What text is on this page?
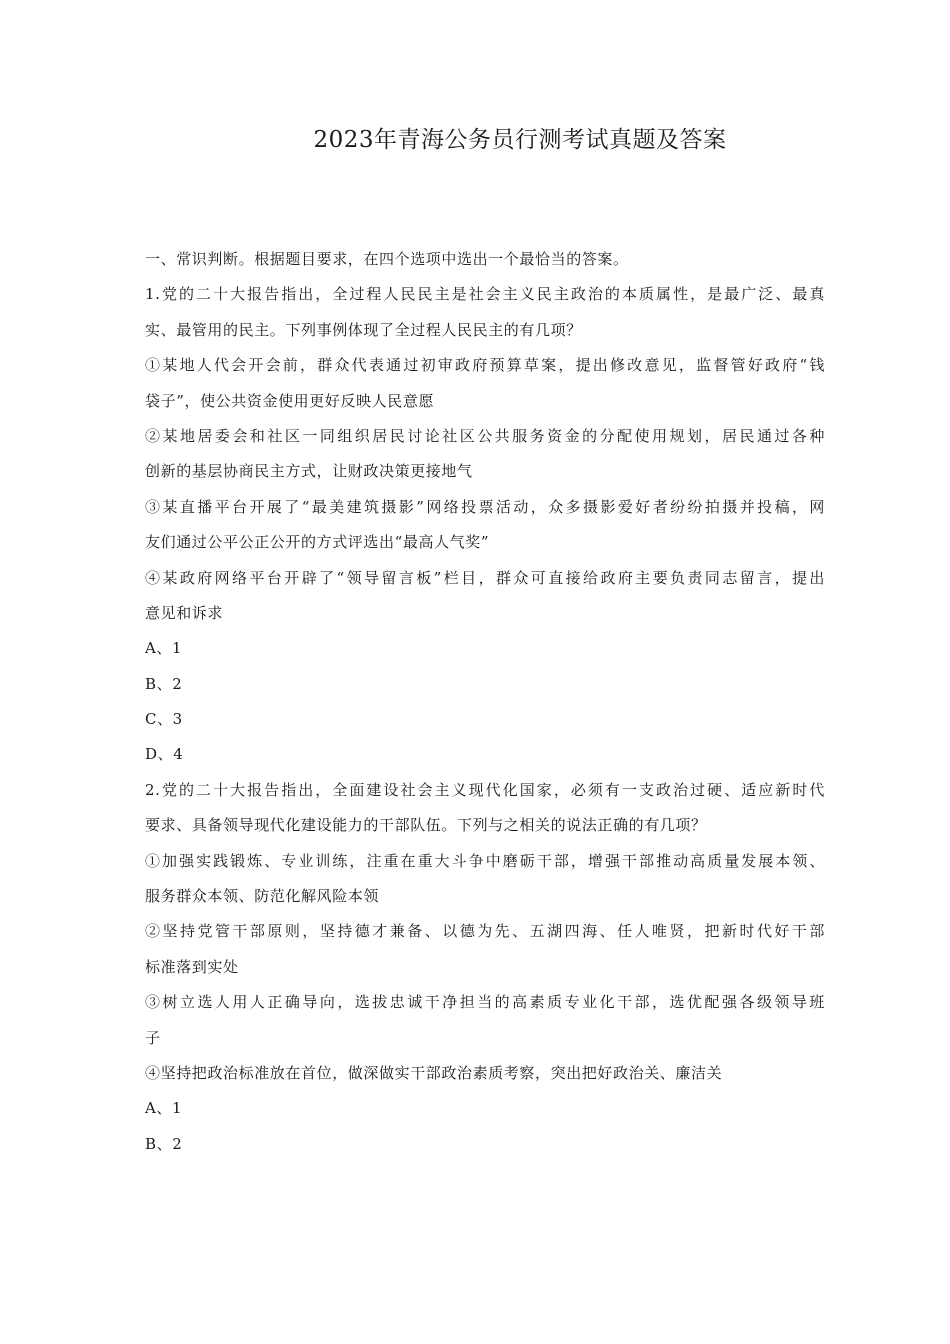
2023年青海公务员行测考试真题及答案
一、常识判断。根据题目要求，在四个选项中选出一个最恰当的答案。
1.党的二十大报告指出，全过程人民民主是社会主义民主政治的本质属性，是最广泛、最真
实、最管用的民主。下列事例体现了全过程人民民主的有几项？
①某地人代会开会前，群众代表通过初审政府预算草案，提出修改意见，监督管好政府“钱
袋子”，使公共资金使用更好反映人民意愿
②某地居委会和社区一同组织居民讨论社区公共服务资金的分配使用规划，居民通过各种
创新的基层协商民主方式，让财政决策更接地气
③某直播平台开展了“最美建筑摄影”网络投票活动，众多摄影爱好者纷纷拍摄并投稿，网
友们通过公平公正公开的方式评选出“最高人气奖”
④某政府网络平台开辟了“领导留言板”栏目，群众可直接给政府主要负责同志留言，提出
意见和诉求
A、1
B、2
C、3
D、4
2.党的二十大报告指出，全面建设社会主义现代化国家，必须有一支政治过硬、适应新时代
要求、具备领导现代化建设能力的干部队伍。下列与之相关的说法正确的有几项？
①加强实践锻炼、专业训练，注重在重大斗争中磨砺干部，增强干部推动高质量发展本领、
服务群众本领、防范化解风险本领
②坚持党管干部原则，坚持德才兼备、以德为先、五湖四海、任人唯贤，把新时代好干部
标准落到实处
③树立选人用人正确导向，选拔忠诚干净担当的高素质专业化干部，选优配强各级领导班
子
④坚持把政治标准放在首位，做深做实干部政治素质考察，突出把好政治关、廉洁关
A、1
B、2
